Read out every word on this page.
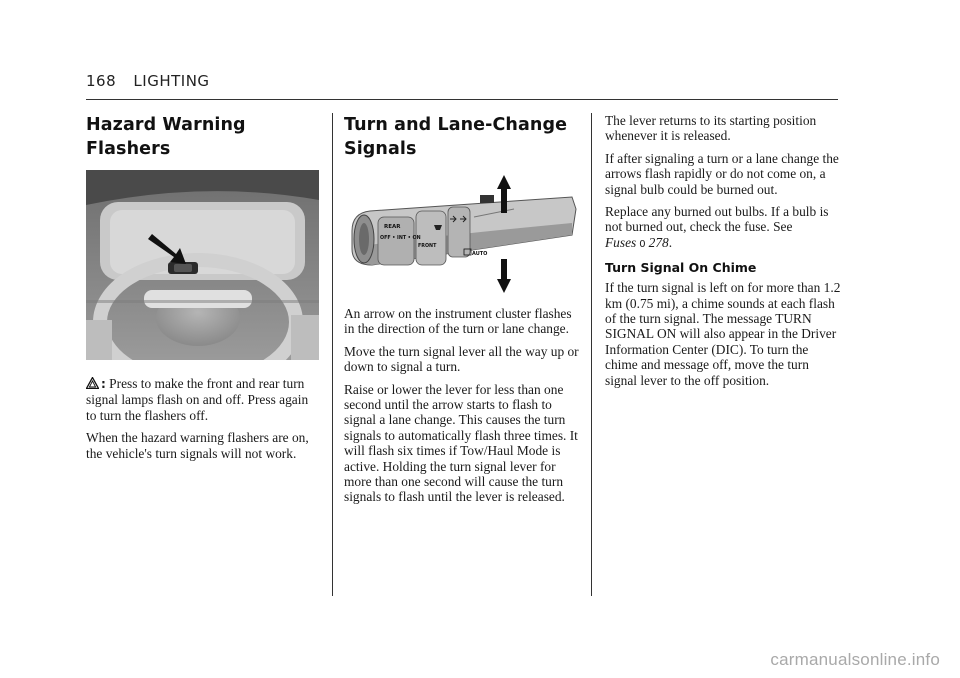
168 LIGHTING
Hazard Warning Flashers

: Press to make the front and rear turn signal lamps flash on and off. Press again to turn the flashers off.

When the hazard warning flashers are on, the vehicle's turn signals will not work.

Turn and Lane-Change
Signals
REAR
OFF • INT • ON
FRONT
AUTO

An arrow on the instrument cluster flashes in the direction of the turn or lane change.

Move the turn signal lever all the way up or down to signal a turn.

Raise or lower the lever for less than one second until the arrow starts to flash to signal a lane change. This causes the turn signals to automatically flash three times. It will flash six times if Tow/Haul Mode is active. Holding the turn signal lever for more than one second will cause the turn signals to flash until the lever is released.

The lever returns to its starting position whenever it is released.

If after signaling a turn or a lane change the arrows flash rapidly or do not come on, a signal bulb could be burned out.

Replace any burned out bulbs. If a bulb is not burned out, check the fuse. See Fuses 0 278.

Turn Signal On Chime

If the turn signal is left on for more than 1.2 km (0.75 mi), a chime sounds at each flash of the turn signal. The message TURN SIGNAL ON will also appear in the Driver Information Center (DIC). To turn the chime and message off, move the turn signal lever to the off position.

carmanualsonline.info
